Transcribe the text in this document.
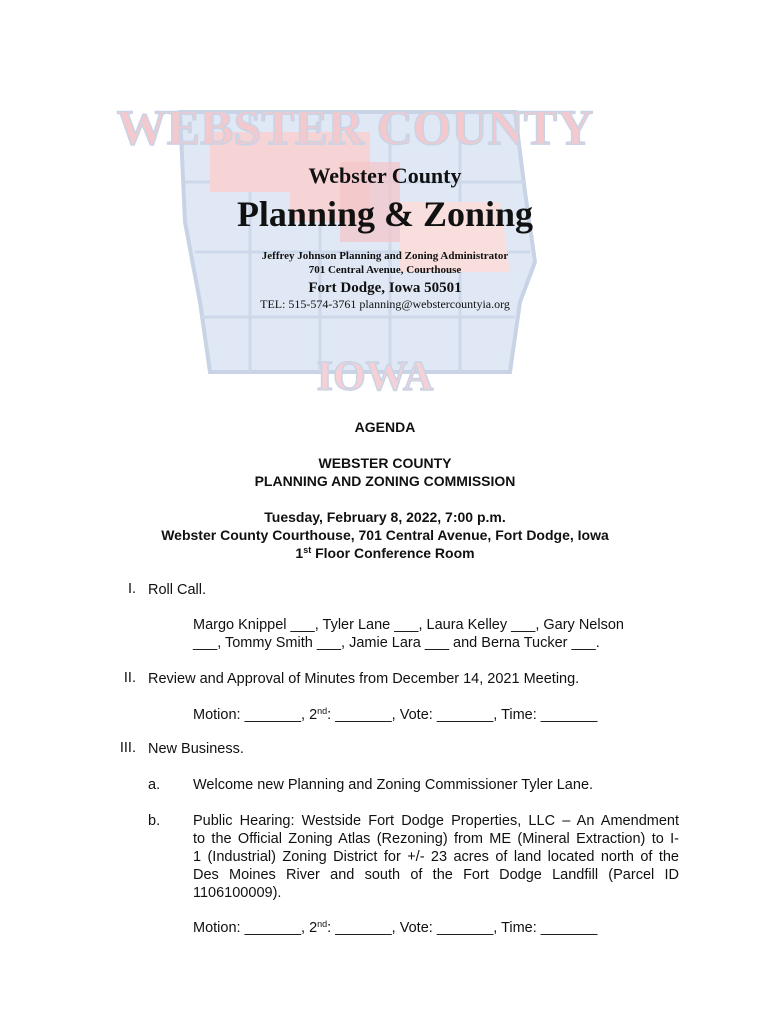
WEBSTER COUNTY
IOWA
Webster County
Planning & Zoning
Jeffrey Johnson Planning and Zoning Administrator
701 Central Avenue, Courthouse
Fort Dodge, Iowa 50501
TEL: 515-574-3761 planning@webstercountyia.org
AGENDA
WEBSTER COUNTY
PLANNING AND ZONING COMMISSION
Tuesday, February 8, 2022, 7:00 p.m.
Webster County Courthouse, 701 Central Avenue, Fort Dodge, Iowa
1st Floor Conference Room
I. Roll Call.
Margo Knippel ___, Tyler Lane ___, Laura Kelley ___, Gary Nelson
___, Tommy Smith ___, Jamie Lara ___ and Berna Tucker ___.
II. Review and Approval of Minutes from December 14, 2021 Meeting.
Motion: _______, 2nd: _______, Vote: _______, Time: _______
III. New Business.
a. Welcome new Planning and Zoning Commissioner Tyler Lane.
b. Public Hearing: Westside Fort Dodge Properties, LLC – An Amendment
to the Official Zoning Atlas (Rezoning) from ME (Mineral Extraction) to I-
1 (Industrial) Zoning District for +/- 23 acres of land located north of the
Des Moines River and south of the Fort Dodge Landfill (Parcel ID
1106100009).
Motion: _______, 2nd: _______, Vote: _______, Time: _______
